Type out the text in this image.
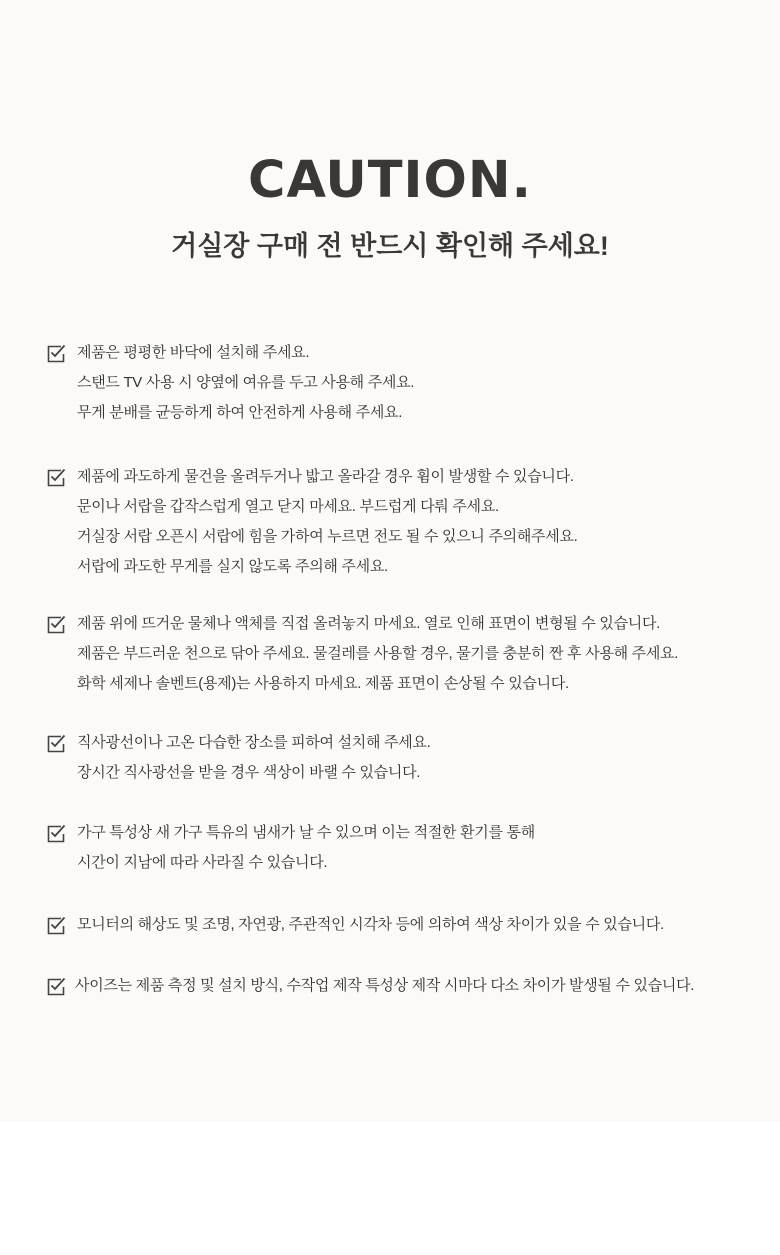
CAUTION.
거실장 구매 전 반드시 확인해 주세요!
제품은 평평한 바닥에 설치해 주세요.
스탠드 TV 사용 시 양옆에 여유를 두고 사용해 주세요.
무게 분배를 균등하게 하여 안전하게 사용해 주세요.
제품에 과도하게 물건을 올려두거나 밟고 올라갈 경우 휨이 발생할 수 있습니다.
문이나 서랍을 갑작스럽게 열고 닫지 마세요. 부드럽게 다뤄 주세요.
거실장 서랍 오픈시 서랍에 힘을 가하여 누르면 전도 될 수 있으니 주의해주세요.
서랍에 과도한 무게를 실지 않도록 주의해 주세요.
제품 위에 뜨거운 물체나 액체를 직접 올려놓지 마세요. 열로 인해 표면이 변형될 수 있습니다.
제품은 부드러운 천으로 닦아 주세요. 물걸레를 사용할 경우, 물기를 충분히 짠 후 사용해 주세요.
화학 세제나 솔벤트(용제)는 사용하지 마세요. 제품 표면이 손상될 수 있습니다.
직사광선이나 고온 다습한 장소를 피하여 설치해 주세요.
장시간 직사광선을 받을 경우 색상이 바랠 수 있습니다.
가구 특성상 새 가구 특유의 냄새가 날 수 있으며 이는 적절한 환기를 통해
시간이 지남에 따라 사라질 수 있습니다.
모니터의 해상도 및 조명, 자연광, 주관적인 시각차 등에 의하여 색상 차이가 있을 수 있습니다.
사이즈는 제품 측정 및 설치 방식, 수작업 제작 특성상 제작 시마다 다소 차이가 발생될 수 있습니다.
